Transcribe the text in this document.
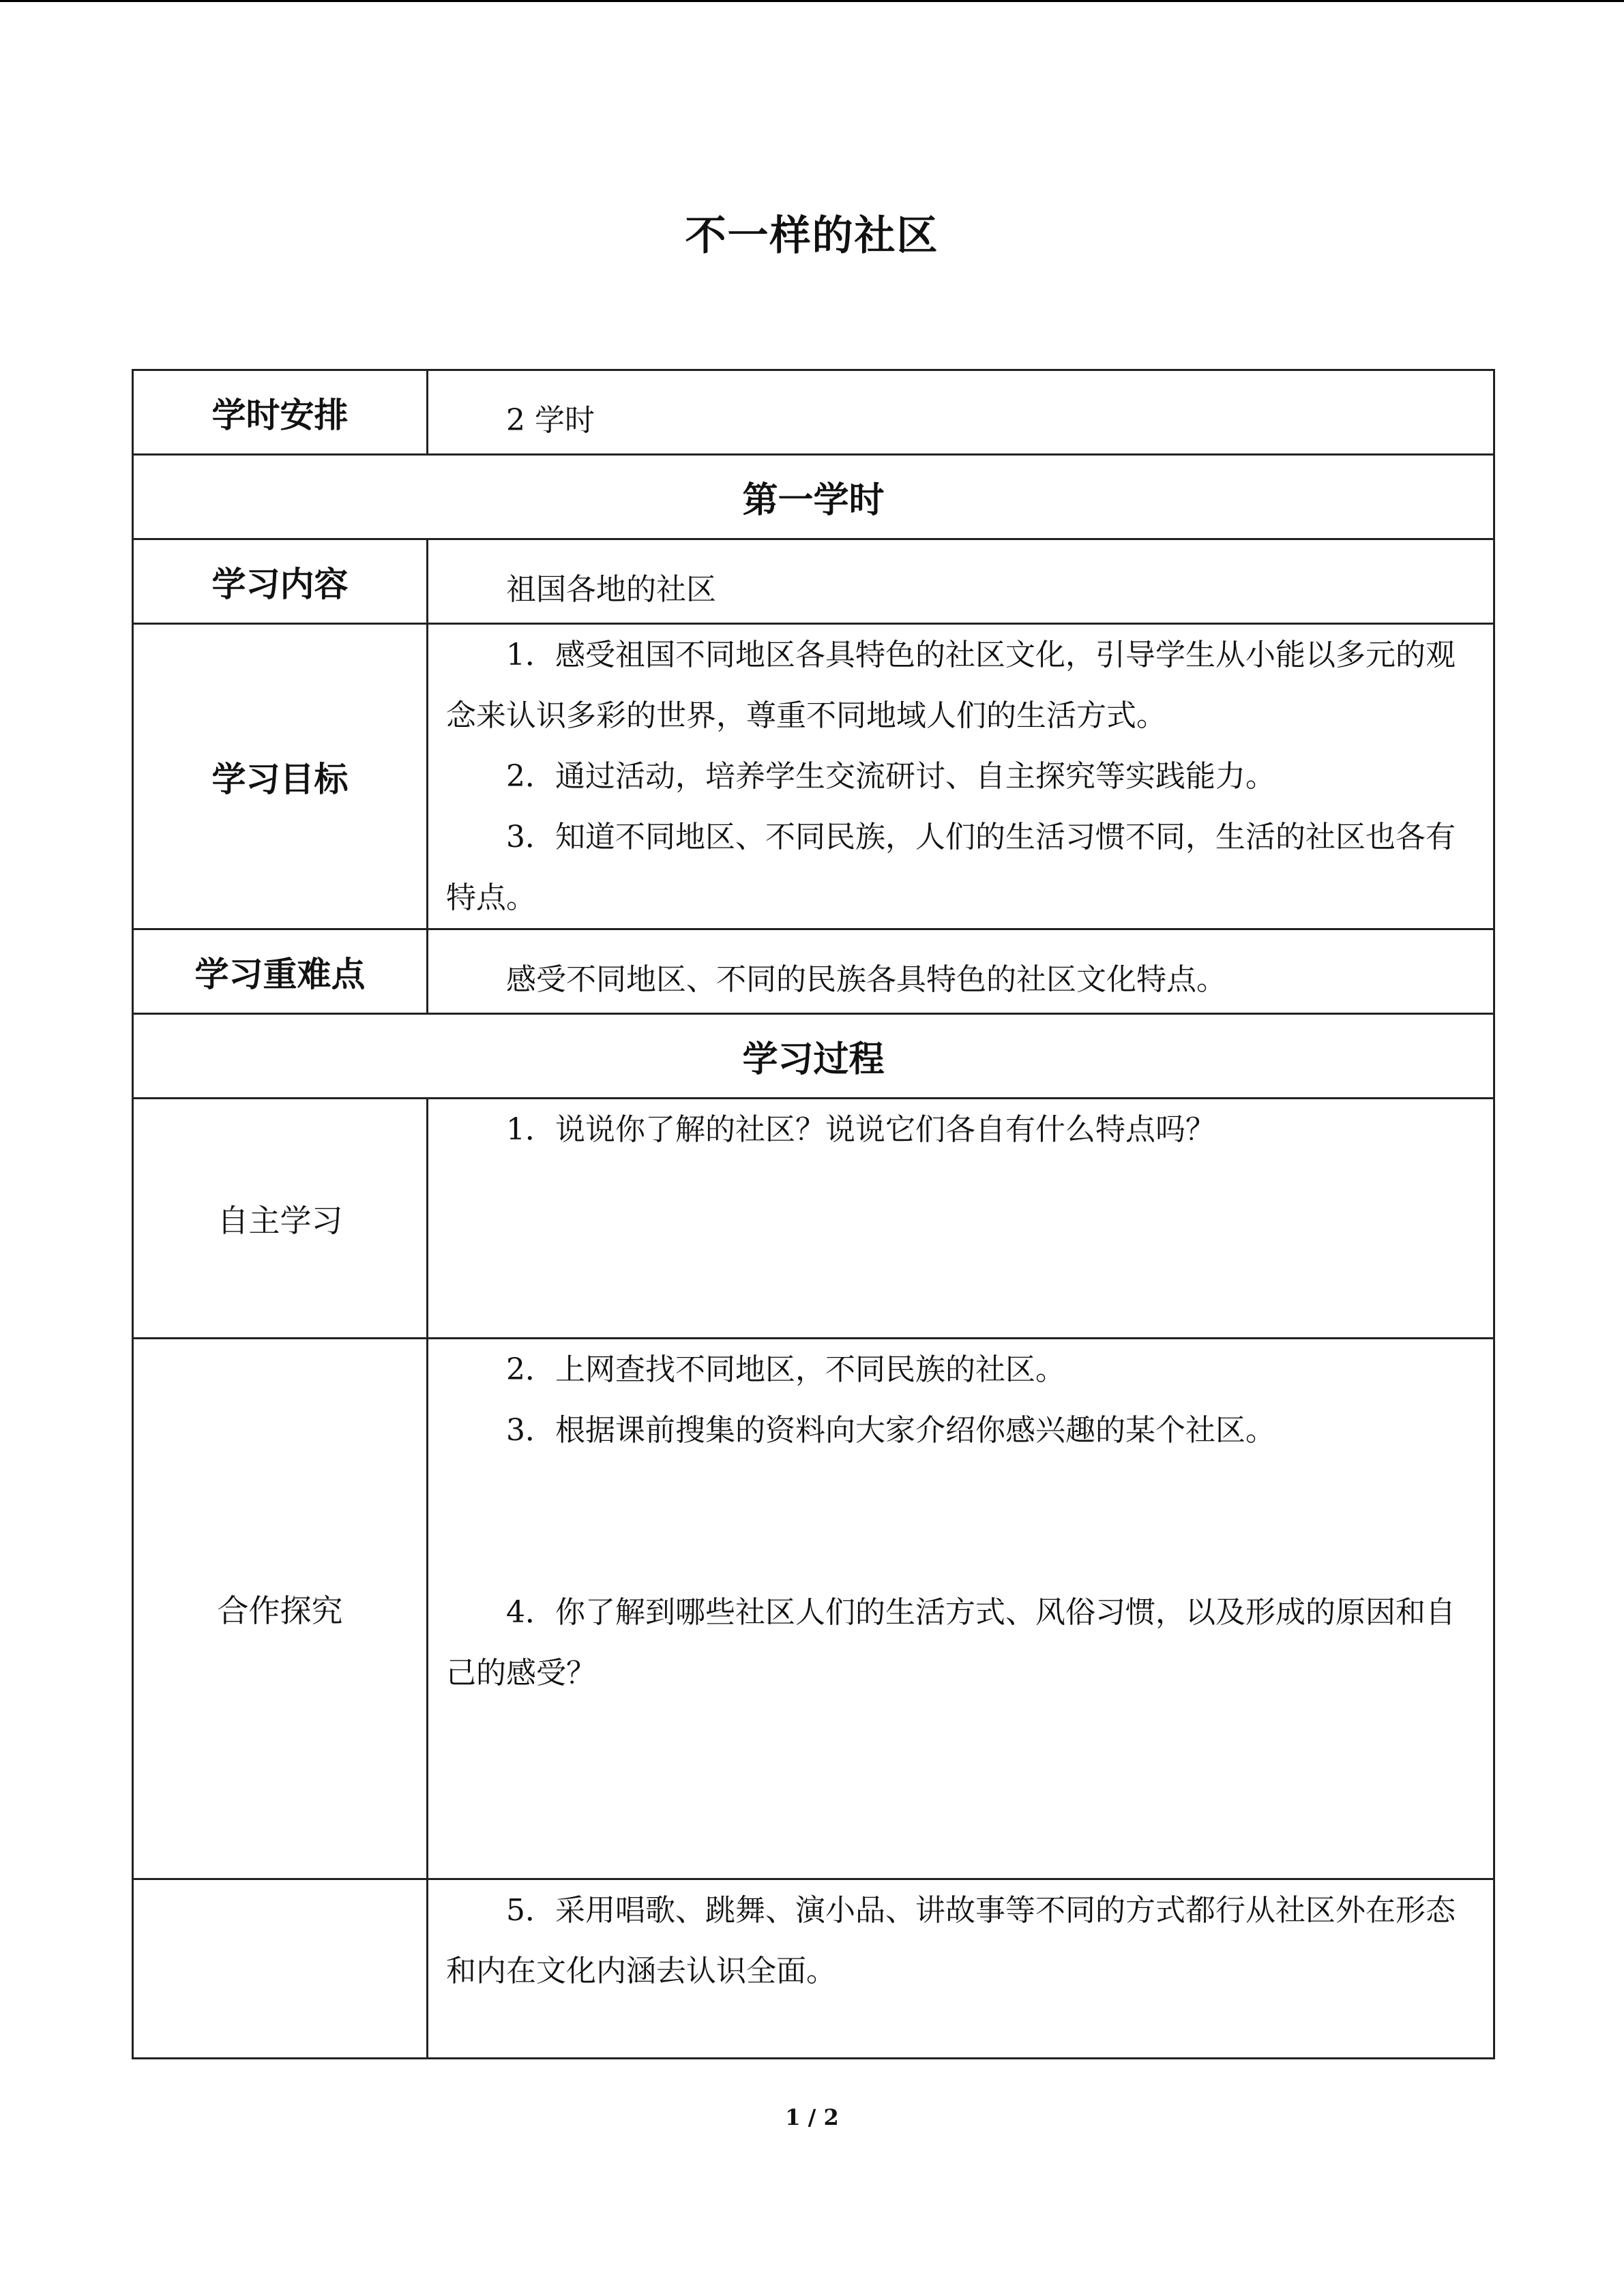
不一样的社区
学时安排	2 学时
第一学时	
学习内容	祖国各地的社区
学习目标	1．感受祖国不同地区各具特色的社区文化，引导学生从小能以多元的观念来认识多彩的世界，尊重不同地域人们的生活方式。

2．通过活动，培养学生交流研讨、自主探究等实践能力。

3．知道不同地区、不同民族，人们的生活习惯不同，生活的社区也各有特点。

学习重难点	感受不同地区、不同的民族各具特色的社区文化特点。
学习过程	
自主学习	1．说说你了解的社区？说说它们各自有什么特点吗？

合作探究	2．上网查找不同地区，不同民族的社区。

3．根据课前搜集的资料向大家介绍你感兴趣的某个社区。

4．你了解到哪些社区人们的生活方式、风俗习惯，以及形成的原因和自己的感受？

	5．采用唱歌、跳舞、演小品、讲故事等不同的方式都行从社区外在形态和内在文化内涵去认识全面。

1 / 2
